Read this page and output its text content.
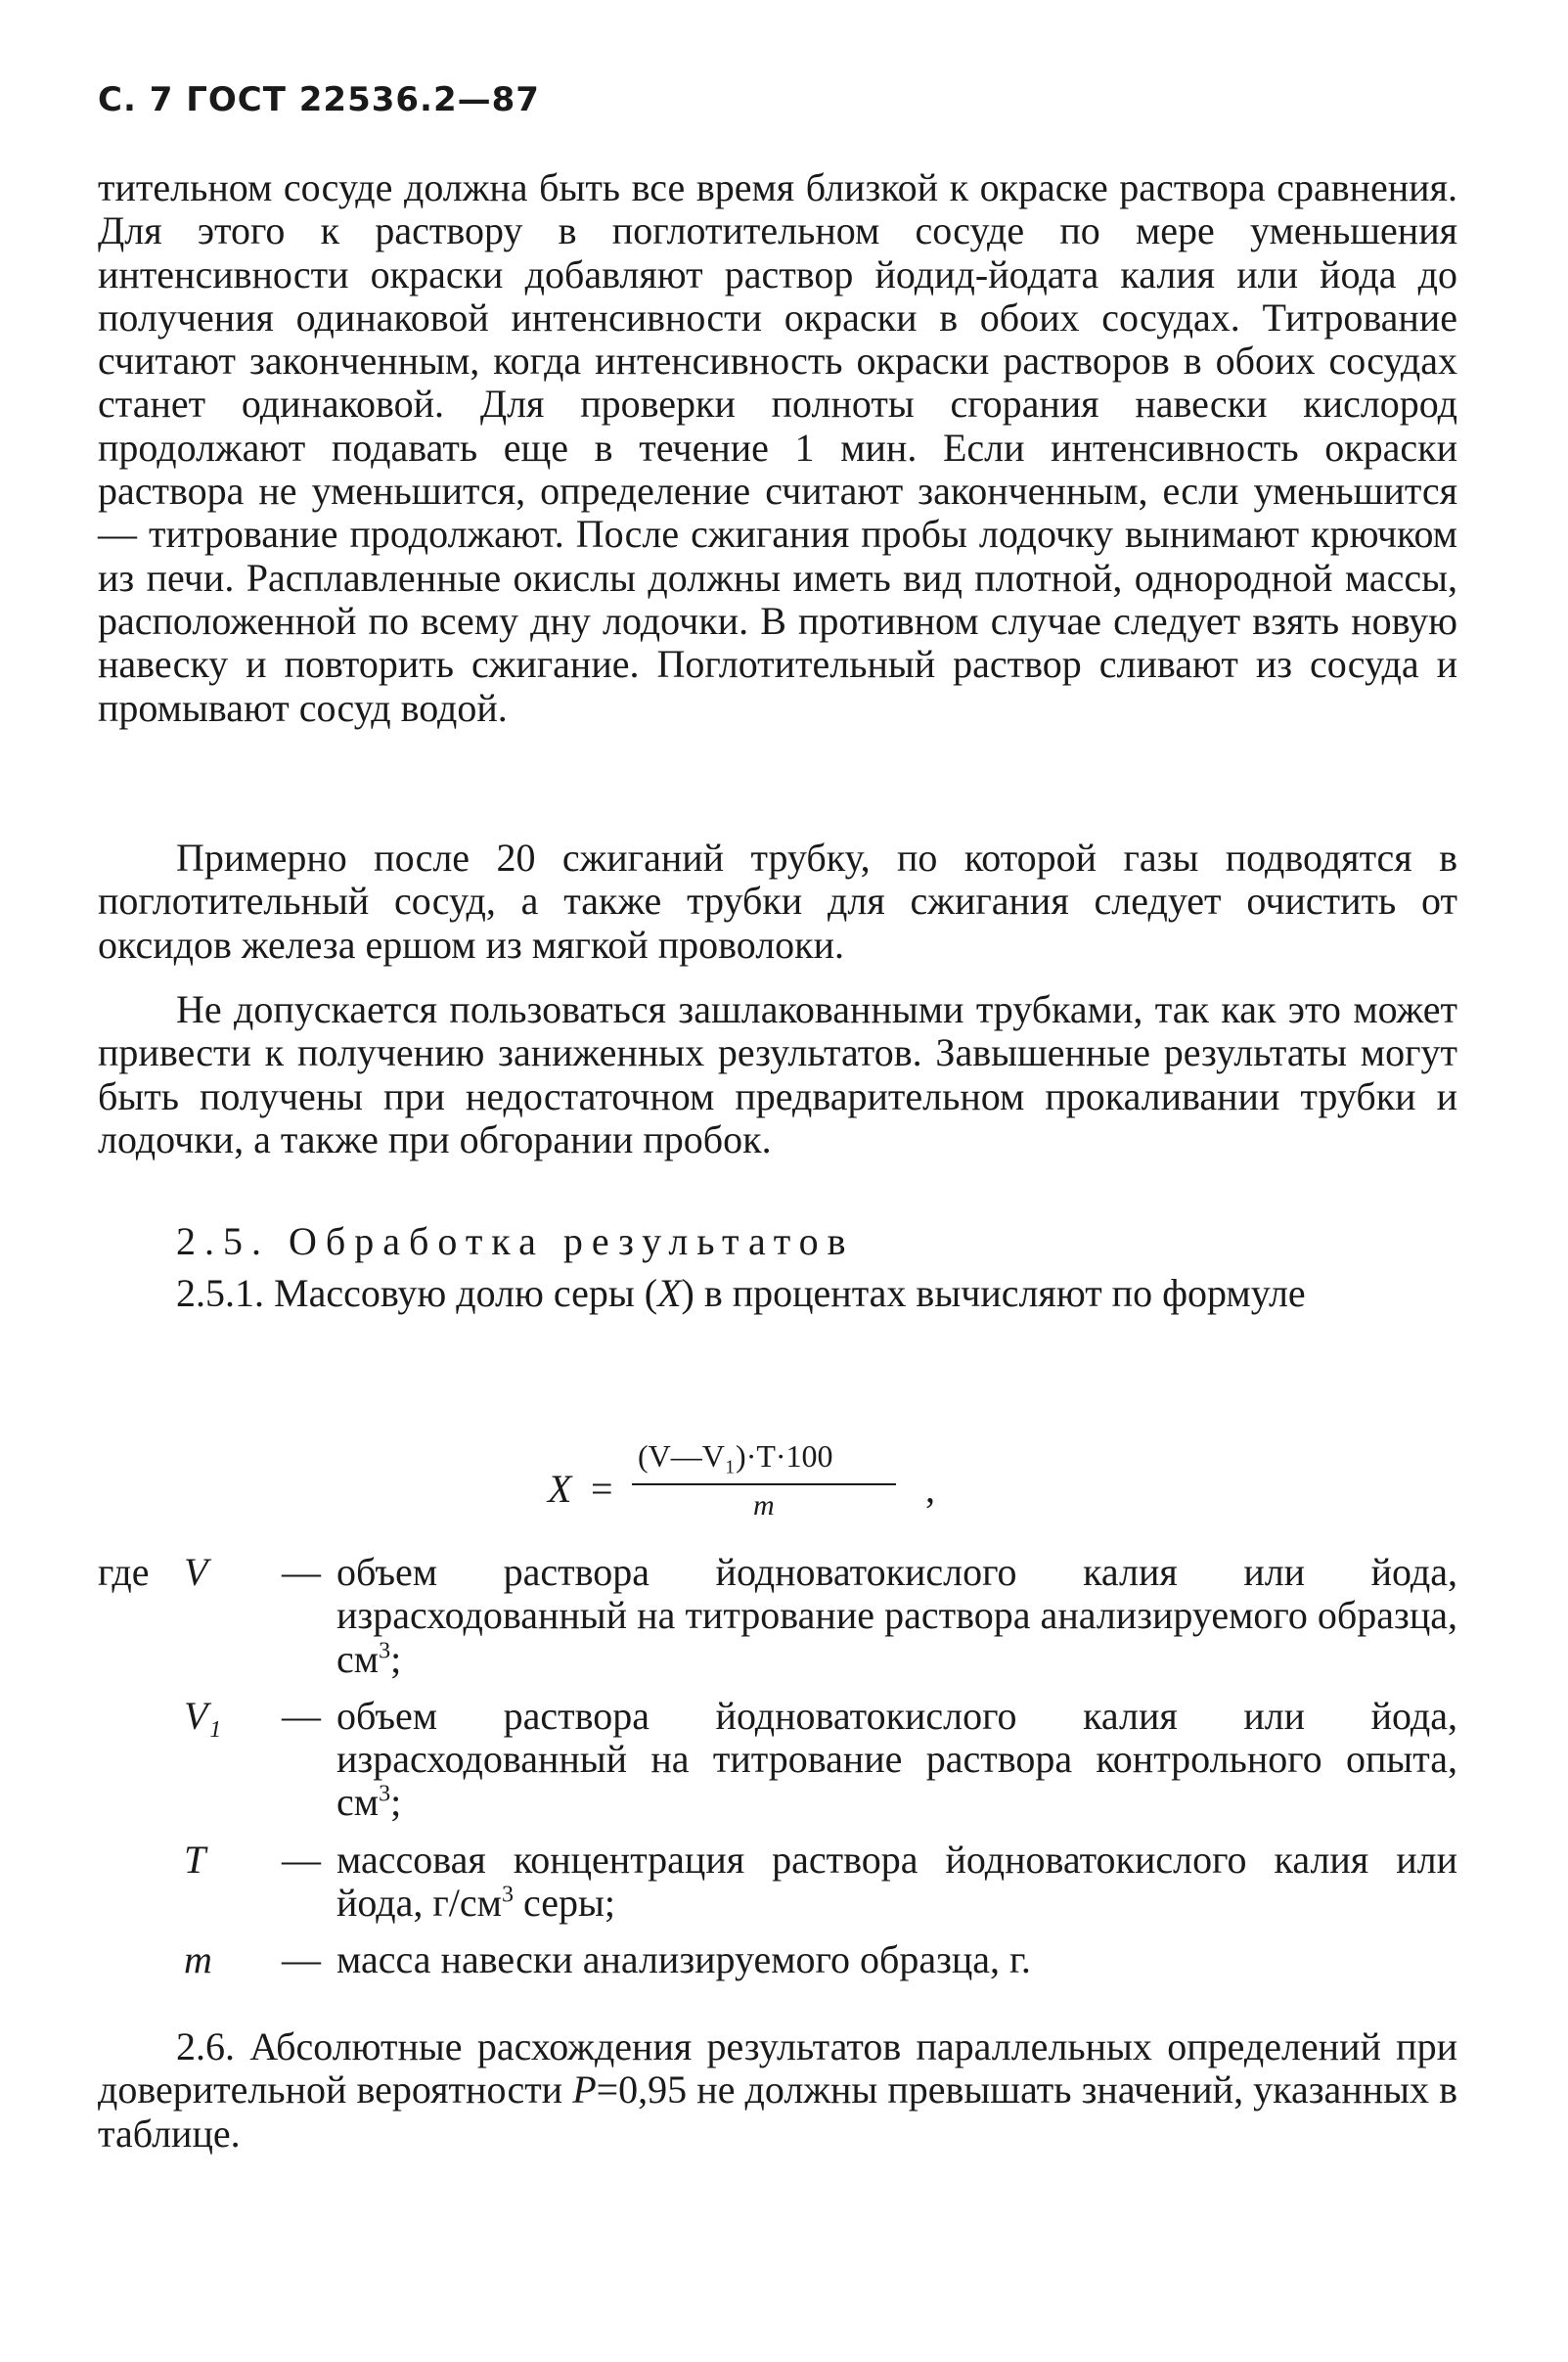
С. 7 ГОСТ 22536.2—87

тительном сосуде должна быть все время близкой к окраске раствора сравнения. Для этого к раствору в поглотительном сосуде по мере уменьшения интенсивности окраски добавляют раствор йодид-йодата калия или йода до получения одинаковой интенсивности окраски в обоих сосудах. Титрование считают законченным, когда интенсивность окраски растворов в обоих сосудах станет одинаковой. Для проверки полноты сгорания навески кислород продолжают подавать еще в течение 1 мин. Если интенсивность окраски раствора не уменьшится, определение считают законченным, если уменьшится — титрование продолжают. После сжигания пробы лодочку вынимают крючком из печи. Расплавленные окислы должны иметь вид плотной, однородной массы, расположенной по всему дну лодочки. В противном случае следует взять новую навеску и повторить сжигание. Поглотительный раствор сливают из сосуда и промывают сосуд водой.

Примерно после 20 сжиганий трубку, по которой газы подводятся в поглотительный сосуд, а также трубки для сжигания следует очистить от оксидов железа ершом из мягкой проволоки.

Не допускается пользоваться зашлакованными трубками, так как это может привести к получению заниженных результатов. Завышенные результаты могут быть получены при недостаточном предварительном прокаливании трубки и лодочки, а также при обгорании пробок.

2.5. Обработка результатов

2.5.1. Массовую долю серы (X) в процентах вычисляют по формуле

X =
(V—V₁)·T·100
m	,
где V	— объем раствора йодноватокислого калия или йода, израсходованный на титрование раствора анализируемого образца, $см^3$;
V₁	— объем раствора йодноватокислого калия или йода, израсходованный на титрование раствора контрольного опыта, $см^3$;
T	— массовая концентрация раствора йодноватокислого калия или йода, $г/см^3$ серы;
m	— масса навески анализируемого образца, г.

2.6. Абсолютные расхождения результатов параллельных определений при доверительной вероятности P=0,95 не должны превышать значений, указанных в таблице.
